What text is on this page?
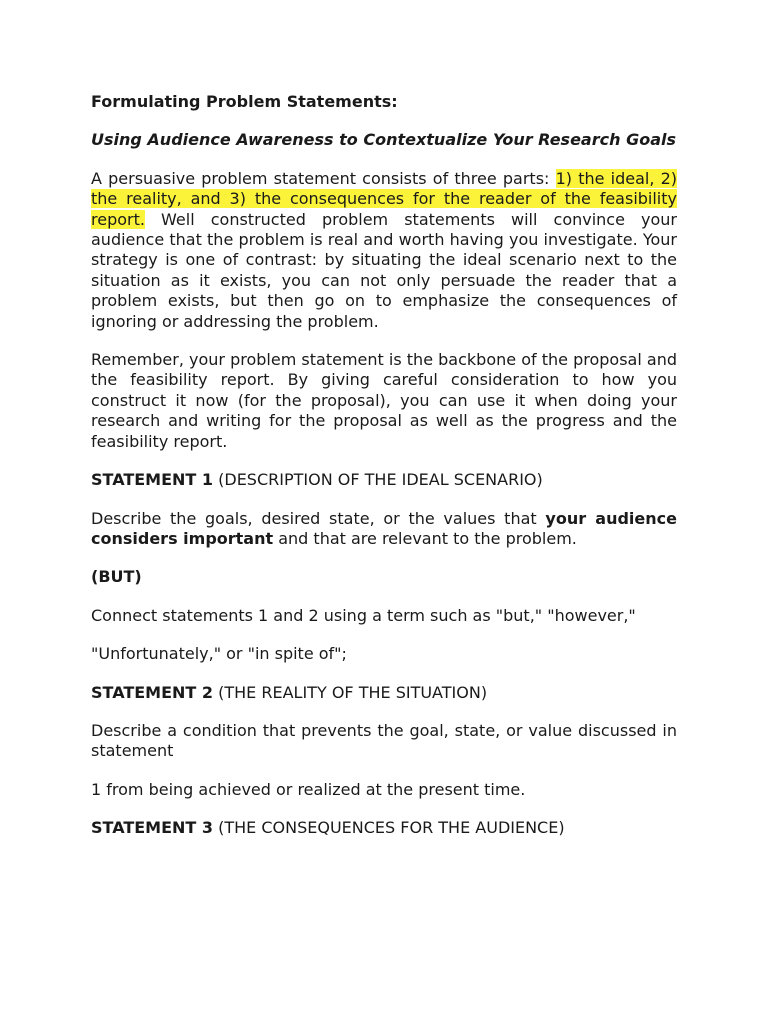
Formulating Problem Statements:

Using Audience Awareness to Contextualize Your Research Goals

A persuasive problem statement consists of three parts: 1) the ideal, 2) the reality, and 3) the consequences for the reader of the feasibility report. Well constructed problem statements will convince your audience that the problem is real and worth having you investigate. Your strategy is one of contrast: by situating the ideal scenario next to the situation as it exists, you can not only persuade the reader that a problem exists, but then go on to emphasize the consequences of ignoring or addressing the problem.

Remember, your problem statement is the backbone of the proposal and the feasibility report. By giving careful consideration to how you construct it now (for the proposal), you can use it when doing your research and writing for the proposal as well as the progress and the feasibility report.

STATEMENT 1 (DESCRIPTION OF THE IDEAL SCENARIO)

Describe the goals, desired state, or the values that your audience considers important and that are relevant to the problem.

(BUT)

Connect statements 1 and 2 using a term such as "but," "however,"

"Unfortunately," or "in spite of";

STATEMENT 2 (THE REALITY OF THE SITUATION)

Describe a condition that prevents the goal, state, or value discussed in statement

1 from being achieved or realized at the present time.

STATEMENT 3 (THE CONSEQUENCES FOR THE AUDIENCE)
